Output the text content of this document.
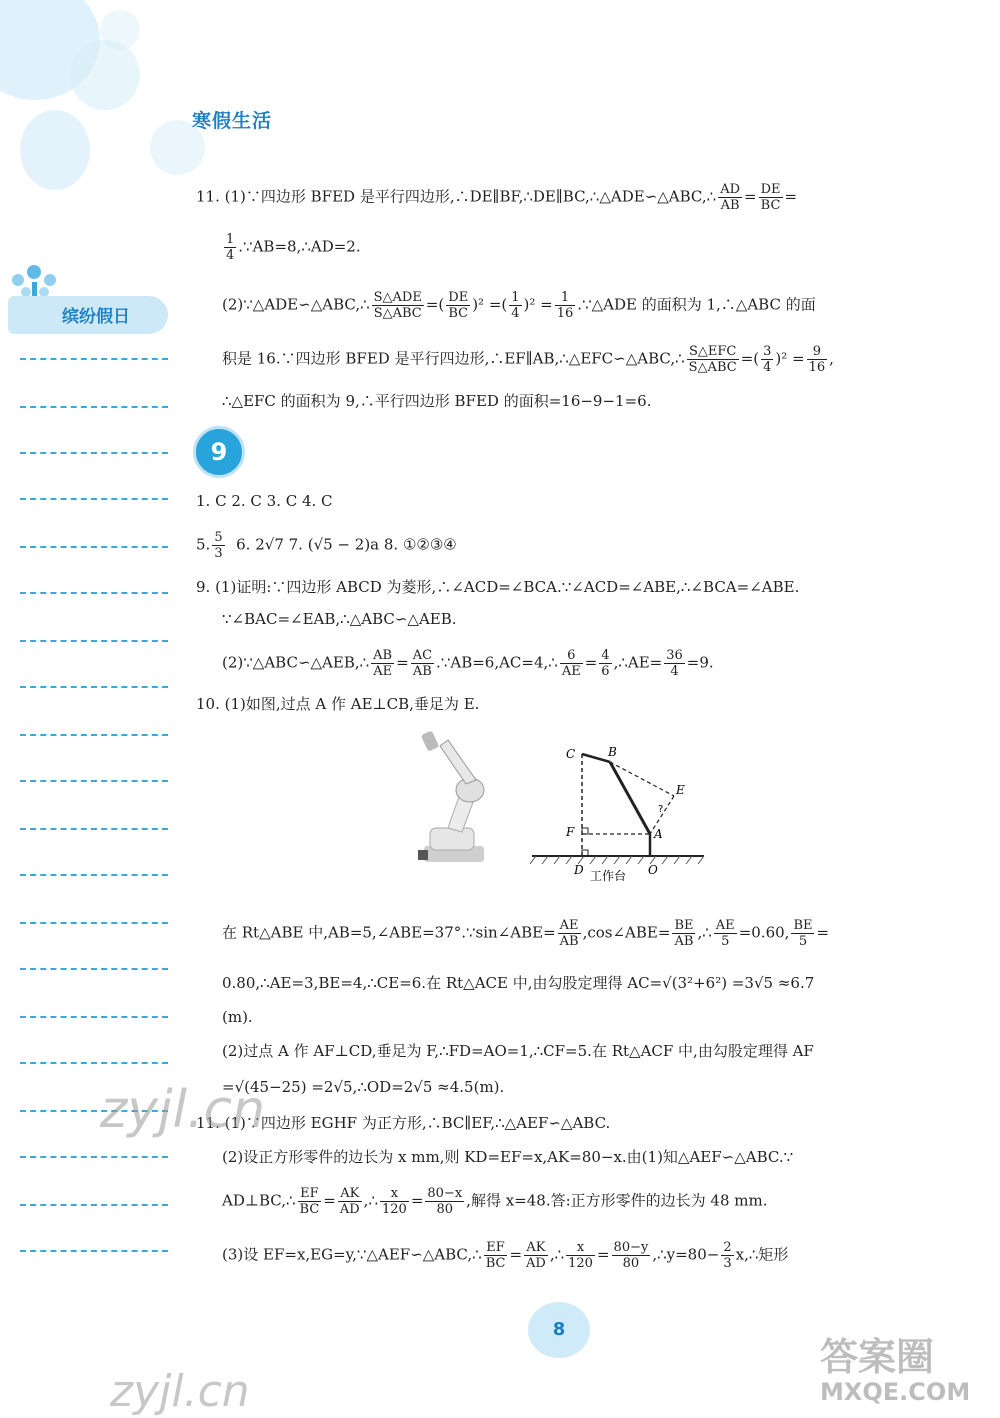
寒假生活
缤纷假日
11. (1)∵四边形 BFED 是平行四边形,∴DE∥BF,∴DE∥BC,∴△ADE∽△ABC,∴ $\frac{AD}{AB} = \frac{DE}{BC}$ =
$\frac{1}{4}$ .∵AB=8,∴AD=2.
(2)∵△ADE∽△ABC,∴ $\frac{\text{S△ADE}}{\text{S△ABC}}$ =( $\frac{DE}{BC} )^2$ =( $\frac{1}{4} )^2 = \frac{1}{16}$ .∵△ADE 的面积为 1,∴△ABC 的面
积是 16.∵四边形 BFED 是平行四边形,∴EF∥AB,∴△EFC∽△ABC,∴ $\frac{\text{S△EFC}}{\text{S△ABC}}$ =( $\frac{3}{4} )^2 = \frac{9}{16}$ ,
∴△EFC 的面积为 9,∴平行四边形 BFED 的面积=16−9−1=6.
9
1. C 2. C 3. C 4. C
5. $\frac{5}{3} 6$. 2√7 7. (√5 − 2)a 8. ①②③④
9. (1)证明:∵四边形 ABCD 为菱形,∴∠ACD=∠BCA.∵∠ACD=∠ABE,∴∠BCA=∠ABE.
∵∠BAC=∠EAB,∴△ABC∽△AEB.
(2)∵△ABC∽△AEB,∴ $\frac{AB}{AE} = \frac{AC}{AB}$ .∵AB=6,AC=4,∴ $\frac{6}{AE} = \frac{4}{6}$ ,∴AE= $\frac{36}{4} =9$.
10. (1)如图,过点 A 作 AE⊥CB,垂足为 E.
C	B
E
F	A
D	O
?
工作台
在 Rt△ABE 中,AB=5,∠ABE=37°.∵sin∠ABE= $\frac{AE}{AB}$ ,cos∠ABE= $\frac{BE}{AB}$ ,∴ $\frac{AE}{5} =0.60$, $\frac{BE}{5}$ =
0.80,∴AE=3,BE=4,∴CE=6.在 Rt△ACE 中,由勾股定理得 AC=√(3²+6²) =3√5 ≈6.7
(m).
(2)过点 A 作 AF⊥CD,垂足为 F,∴FD=AO=1,∴CF=5.在 Rt△ACF 中,由勾股定理得 AF
=√(45−25) =2√5,∴OD=2√5 ≈4.5(m).
11. (1)∵四边形 EGHF 为正方形,∴BC∥EF,∴△AEF∽△ABC.
(2)设正方形零件的边长为 x mm,则 KD=EF=x,AK=80−x.由(1)知△AEF∽△ABC.∵
AD⊥BC,∴ $\frac{EF}{BC} = \frac{AK}{AD}$ ,∴ $\frac{x}{120} = \frac{80-x}{80}$ ,解得 x=48.答:正方形零件的边长为 48 mm.
(3)设 EF=x,EG=y,∵△AEF∽△ABC,∴ $\frac{EF}{BC} = \frac{AK}{AD}$ ,∴ $\frac{x}{120} = \frac{80-y}{80}$ ,∴y=80− $\frac{2}{3}$ x,∴矩形
8
zyjl.cn
zyjl.cn
答案圈
MXQE.COM
